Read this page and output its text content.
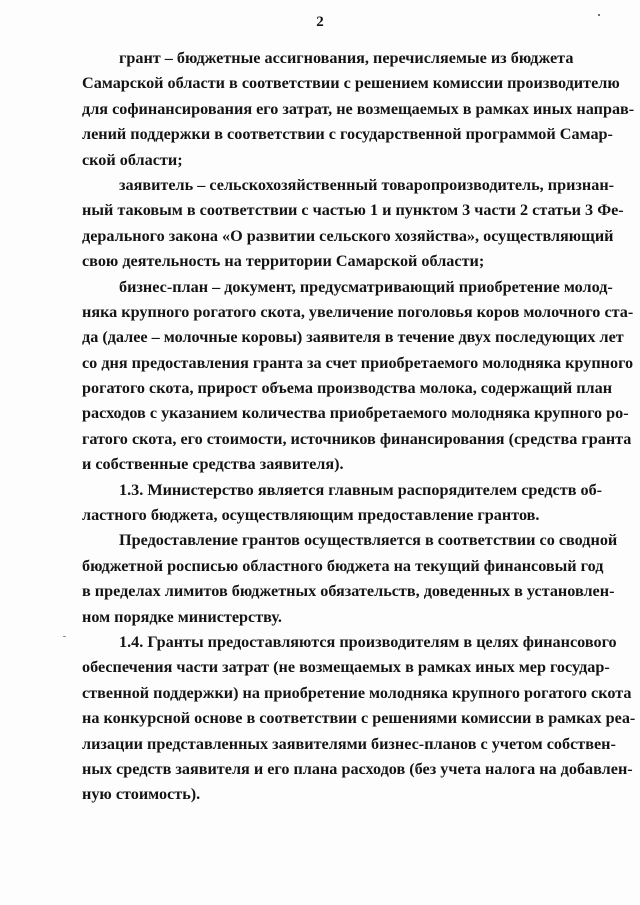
2
грант – бюджетные ассигнования, перечисляемые из бюджета
Самарской области в соответствии с решением комиссии производителю
для софинансирования его затрат, не возмещаемых в рамках иных направ-
лений поддержки в соответствии с государственной программой Самар-
ской области;
заявитель – сельскохозяйственный товаропроизводитель, признан-
ный таковым в соответствии с частью 1 и пунктом 3 части 2 статьи 3 Фе-
дерального закона «О развитии сельского хозяйства», осуществляющий
свою деятельность на территории Самарской области;
бизнес-план – документ, предусматривающий приобретение молод-
няка крупного рогатого скота, увеличение поголовья коров молочного ста-
да (далее – молочные коровы) заявителя в течение двух последующих лет
со дня предоставления гранта за счет приобретаемого молодняка крупного
рогатого скота, прирост объема производства молока, содержащий план
расходов с указанием количества приобретаемого молодняка крупного ро-
гатого скота, его стоимости, источников финансирования (средства гранта
и собственные средства заявителя).
1.3. Министерство является главным распорядителем средств об-
ластного бюджета, осуществляющим предоставление грантов.
Предоставление грантов осуществляется в соответствии со сводной
бюджетной росписью областного бюджета на текущий финансовый год
в пределах лимитов бюджетных обязательств, доведенных в установлен-
ном порядке министерству.
1.4. Гранты предоставляются производителям в целях финансового
обеспечения части затрат (не возмещаемых в рамках иных мер государ-
ственной поддержки) на приобретение молодняка крупного рогатого скота
на конкурсной основе в соответствии с решениями комиссии в рамках реа-
лизации представленных заявителями бизнес-планов с учетом собствен-
ных средств заявителя и его плана расходов (без учета налога на добавлен-
ную стоимость).
